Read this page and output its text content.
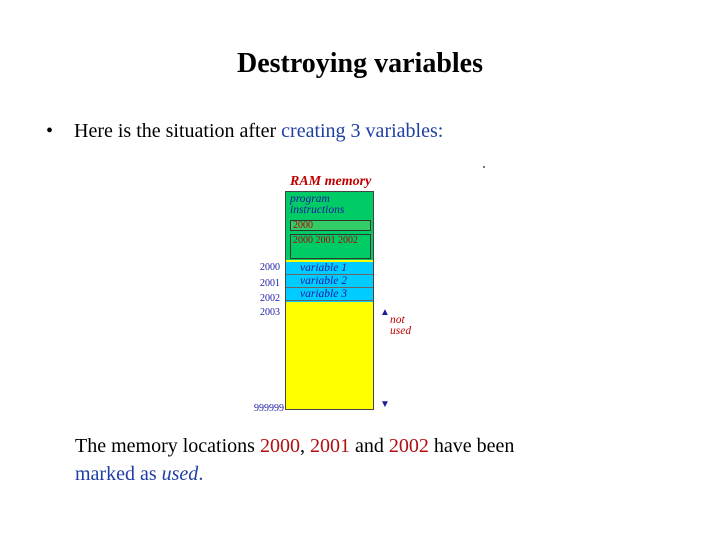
Destroying variables
• Here is the situation after creating 3 variables:
RAM memory
program
instructions
2000
2000 2001 2002
variable 1
variable 2
variable 3
2000
2001
2002
2003
999999
▲
not
used
▼
The memory locations 2000, 2001 and 2002 have been
marked as used.
